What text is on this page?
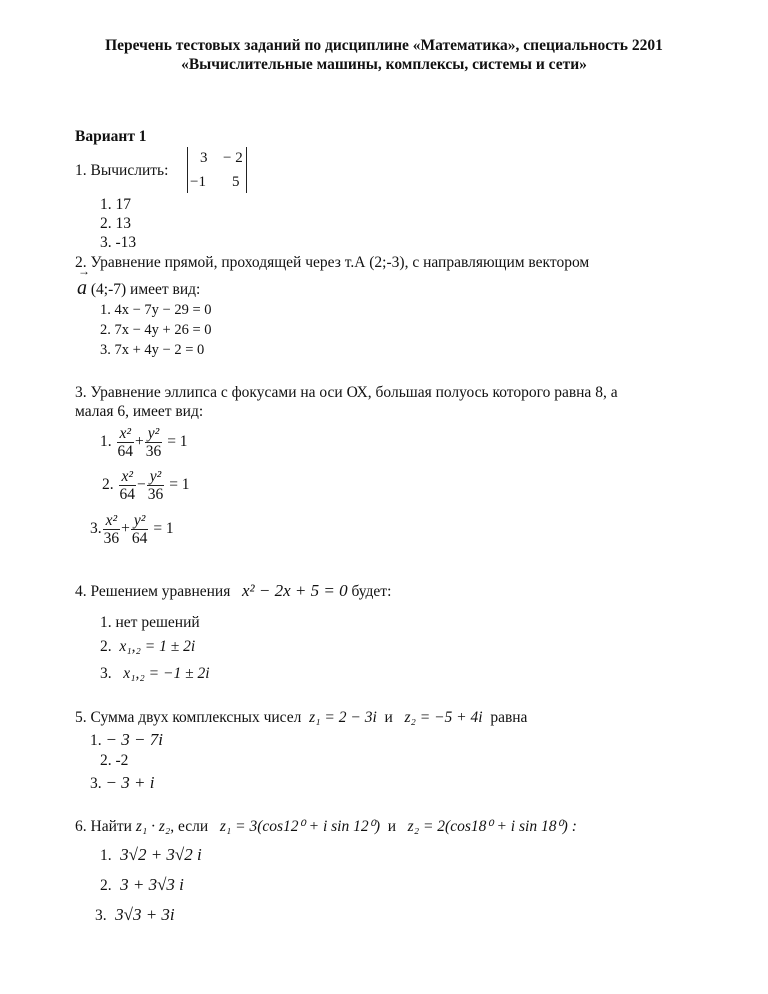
Перечень тестовых заданий по дисциплине «Математика», специальность 2201
«Вычислительные машины, комплексы, системы и сети»
Вариант 1
1. Вычислить:
3 − 2
−1 5
1. 17
2. 13
3. -13
2. Уравнение прямой, проходящей через т.А (2;-3), с направляющим вектором
→ a (4;-7) имеет вид:
1. 4x − 7y − 29 = 0
2. 7x − 4y + 26 = 0
3. 7x + 4y − 2 = 0
3. Уравнение эллипса с фокусами на оси ОХ, большая полуось которого равна 8, а
малая 6, имеет вид:
1. $\frac{\text{x²}}{64} + \frac{\text{y²}}{36} = 1$
2. $\frac{\text{x²}}{64} - \frac{\text{y²}}{36} = 1$
3. $\frac{\text{x²}}{36} + \frac{\text{y²}}{64} = 1$
4. Решением уравнения x² − 2x + 5 = 0 будет:
1. нет решений
2. x₁,₂ = 1 ± 2i
3. x₁,₂ = −1 ± 2i
5. Сумма двух комплексных чисел z₁ = 2 − 3i и z₂ = −5 + 4i равна
1. − 3 − 7i
2. -2
3. − 3 + i
6. Найти z₁ · z₂, если z₁ = 3(cos12⁰ + i sin 12⁰) и z₂ = 2(cos18⁰ + i sin 18⁰) :
1. 3√2 + 3√2 i
2. 3 + 3√3 i
3. 3√3 + 3i
